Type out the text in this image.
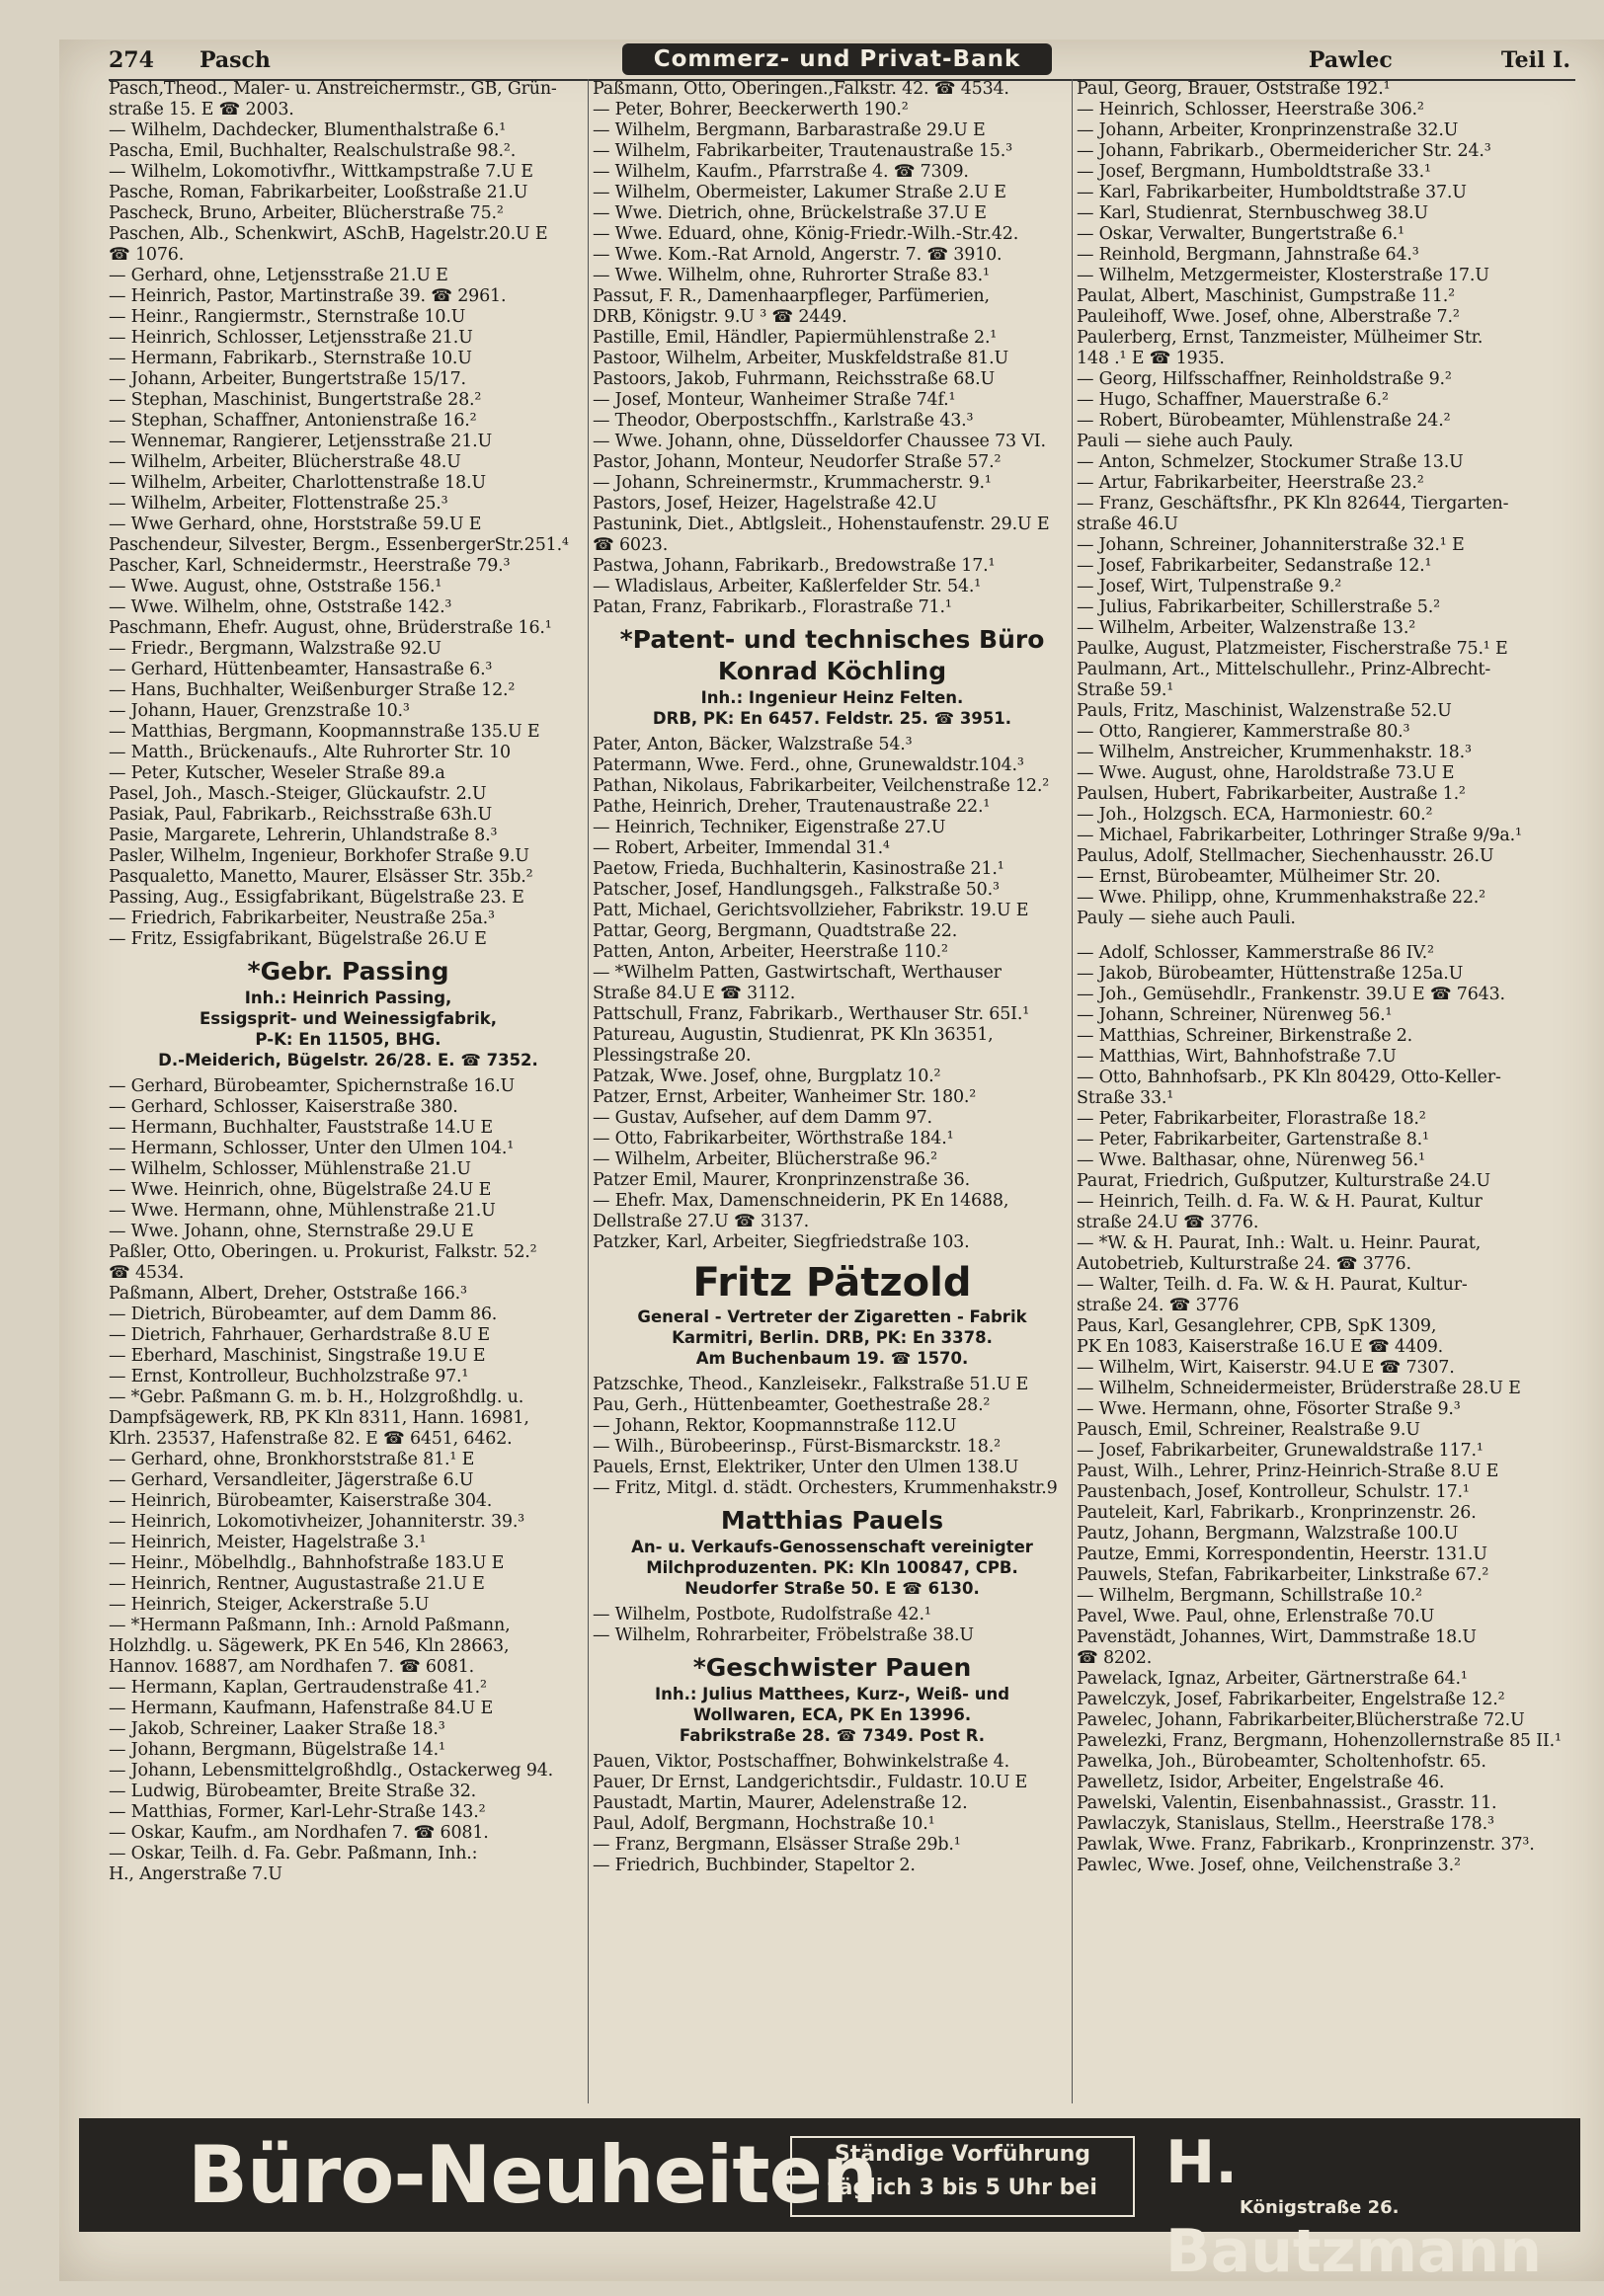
274 Pasch	Commerz- und Privat-Bank	Pawlec	Teil I.

Pasch,Theod., Maler- u. Anstreichermstr., GB, Grün-

straße 15. E ☎ 2003.

— Wilhelm, Dachdecker, Blumenthalstraße 6.¹

Pascha, Emil, Buchhalter, Realschulstraße 98.².

— Wilhelm, Lokomotivfhr., Wittkampstraße 7.U E

Pasche, Roman, Fabrikarbeiter, Looßstraße 21.U

Pascheck, Bruno, Arbeiter, Blücherstraße 75.²

Paschen, Alb., Schenkwirt, ASchB, Hagelstr.20.U E

☎ 1076.

— Gerhard, ohne, Letjensstraße 21.U E

— Heinrich, Pastor, Martinstraße 39. ☎ 2961.

— Heinr., Rangiermstr., Sternstraße 10.U

— Heinrich, Schlosser, Letjensstraße 21.U

— Hermann, Fabrikarb., Sternstraße 10.U

— Johann, Arbeiter, Bungertstraße 15/17.

— Stephan, Maschinist, Bungertstraße 28.²

— Stephan, Schaffner, Antonienstraße 16.²

— Wennemar, Rangierer, Letjensstraße 21.U

— Wilhelm, Arbeiter, Blücherstraße 48.U

— Wilhelm, Arbeiter, Charlottenstraße 18.U

— Wilhelm, Arbeiter, Flottenstraße 25.³

— Wwe Gerhard, ohne, Horststraße 59.U E

Paschendeur, Silvester, Bergm., EssenbergerStr.251.⁴

Pascher, Karl, Schneidermstr., Heerstraße 79.³

— Wwe. August, ohne, Oststraße 156.¹

— Wwe. Wilhelm, ohne, Oststraße 142.³

Paschmann, Ehefr. August, ohne, Brüderstraße 16.¹

— Friedr., Bergmann, Walzstraße 92.U

— Gerhard, Hüttenbeamter, Hansastraße 6.³

— Hans, Buchhalter, Weißenburger Straße 12.²

— Johann, Hauer, Grenzstraße 10.³

— Matthias, Bergmann, Koopmannstraße 135.U E

— Matth., Brückenaufs., Alte Ruhrorter Str. 10

— Peter, Kutscher, Weseler Straße 89.a

Pasel, Joh., Masch.-Steiger, Glückaufstr. 2.U

Pasiak, Paul, Fabrikarb., Reichsstraße 63h.U

Pasie, Margarete, Lehrerin, Uhlandstraße 8.³

Pasler, Wilhelm, Ingenieur, Borkhofer Straße 9.U

Pasqualetto, Manetto, Maurer, Elsässer Str. 35b.²

Passing, Aug., Essigfabrikant, Bügelstraße 23. E

— Friedrich, Fabrikarbeiter, Neustraße 25a.³

— Fritz, Essigfabrikant, Bügelstraße 26.U E

*Gebr. Passing
Inh.: Heinrich Passing,
Essigsprit- und Weinessigfabrik,
P-K: En 11505, BHG.
D.-Meiderich, Bügelstr. 26/28. E. ☎ 7352.

— Gerhard, Bürobeamter, Spichernstraße 16.U

— Gerhard, Schlosser, Kaiserstraße 380.

— Hermann, Buchhalter, Fauststraße 14.U E

— Hermann, Schlosser, Unter den Ulmen 104.¹

— Wilhelm, Schlosser, Mühlenstraße 21.U

— Wwe. Heinrich, ohne, Bügelstraße 24.U E

— Wwe. Hermann, ohne, Mühlenstraße 21.U

— Wwe. Johann, ohne, Sternstraße 29.U E

Paßler, Otto, Oberingen. u. Prokurist, Falkstr. 52.²

☎ 4534.

Paßmann, Albert, Dreher, Oststraße 166.³

— Dietrich, Bürobeamter, auf dem Damm 86.

— Dietrich, Fahrhauer, Gerhardstraße 8.U E

— Eberhard, Maschinist, Singstraße 19.U E

— Ernst, Kontrolleur, Buchholzstraße 97.¹

— *Gebr. Paßmann G. m. b. H., Holzgroßhdlg. u.

Dampfsägewerk, RB, PK Kln 8311, Hann. 16981,

Klrh. 23537, Hafenstraße 82. E ☎ 6451, 6462.

— Gerhard, ohne, Bronkhorststraße 81.¹ E

— Gerhard, Versandleiter, Jägerstraße 6.U

— Heinrich, Bürobeamter, Kaiserstraße 304.

— Heinrich, Lokomotivheizer, Johanniterstr. 39.³

— Heinrich, Meister, Hagelstraße 3.¹

— Heinr., Möbelhdlg., Bahnhofstraße 183.U E

— Heinrich, Rentner, Augustastraße 21.U E

— Heinrich, Steiger, Ackerstraße 5.U

— *Hermann Paßmann, Inh.: Arnold Paßmann,

Holzhdlg. u. Sägewerk, PK En 546, Kln 28663,

Hannov. 16887, am Nordhafen 7. ☎ 6081.

— Hermann, Kaplan, Gertraudenstraße 41.²

— Hermann, Kaufmann, Hafenstraße 84.U E

— Jakob, Schreiner, Laaker Straße 18.³

— Johann, Bergmann, Bügelstraße 14.¹

— Johann, Lebensmittelgroßhdlg., Ostackerweg 94.

— Ludwig, Bürobeamter, Breite Straße 32.

— Matthias, Former, Karl-Lehr-Straße 143.²

— Oskar, Kaufm., am Nordhafen 7. ☎ 6081.

— Oskar, Teilh. d. Fa. Gebr. Paßmann, Inh.:

H., Angerstraße 7.U

Paßmann, Otto, Oberingen.,Falkstr. 42. ☎ 4534.

— Peter, Bohrer, Beeckerwerth 190.²

— Wilhelm, Bergmann, Barbarastraße 29.U E

— Wilhelm, Fabrikarbeiter, Trautenaustraße 15.³

— Wilhelm, Kaufm., Pfarrstraße 4. ☎ 7309.

— Wilhelm, Obermeister, Lakumer Straße 2.U E

— Wwe. Dietrich, ohne, Brückelstraße 37.U E

— Wwe. Eduard, ohne, König-Friedr.-Wilh.-Str.42.

— Wwe. Kom.-Rat Arnold, Angerstr. 7. ☎ 3910.

— Wwe. Wilhelm, ohne, Ruhrorter Straße 83.¹

Passut, F. R., Damenhaarpfleger, Parfümerien,

DRB, Königstr. 9.U ³ ☎ 2449.

Pastille, Emil, Händler, Papiermühlenstraße 2.¹

Pastoor, Wilhelm, Arbeiter, Muskfeldstraße 81.U

Pastoors, Jakob, Fuhrmann, Reichsstraße 68.U

— Josef, Monteur, Wanheimer Straße 74f.¹

— Theodor, Oberpostschffn., Karlstraße 43.³

— Wwe. Johann, ohne, Düsseldorfer Chaussee 73 VI.

Pastor, Johann, Monteur, Neudorfer Straße 57.²

— Johann, Schreinermstr., Krummacherstr. 9.¹

Pastors, Josef, Heizer, Hagelstraße 42.U

Pastunink, Diet., Abtlgsleit., Hohenstaufenstr. 29.U E

☎ 6023.

Pastwa, Johann, Fabrikarb., Bredowstraße 17.¹

— Wladislaus, Arbeiter, Kaßlerfelder Str. 54.¹

Patan, Franz, Fabrikarb., Florastraße 71.¹

*Patent- und technisches Büro
Konrad Köchling
Inh.: Ingenieur Heinz Felten.
DRB, PK: En 6457. Feldstr. 25. ☎ 3951.

Pater, Anton, Bäcker, Walzstraße 54.³

Patermann, Wwe. Ferd., ohne, Grunewaldstr.104.³

Pathan, Nikolaus, Fabrikarbeiter, Veilchenstraße 12.²

Pathe, Heinrich, Dreher, Trautenaustraße 22.¹

— Heinrich, Techniker, Eigenstraße 27.U

— Robert, Arbeiter, Immendal 31.⁴

Paetow, Frieda, Buchhalterin, Kasinostraße 21.¹

Patscher, Josef, Handlungsgeh., Falkstraße 50.³

Patt, Michael, Gerichtsvollzieher, Fabrikstr. 19.U E

Pattar, Georg, Bergmann, Quadtstraße 22.

Patten, Anton, Arbeiter, Heerstraße 110.²

— *Wilhelm Patten, Gastwirtschaft, Werthauser

Straße 84.U E ☎ 3112.

Pattschull, Franz, Fabrikarb., Werthauser Str. 65I.¹

Patureau, Augustin, Studienrat, PK Kln 36351,

Plessingstraße 20.

Patzak, Wwe. Josef, ohne, Burgplatz 10.²

Patzer, Ernst, Arbeiter, Wanheimer Str. 180.²

— Gustav, Aufseher, auf dem Damm 97.

— Otto, Fabrikarbeiter, Wörthstraße 184.¹

— Wilhelm, Arbeiter, Blücherstraße 96.²

Patzer Emil, Maurer, Kronprinzenstraße 36.

— Ehefr. Max, Damenschneiderin, PK En 14688,

Dellstraße 27.U ☎ 3137.

Patzker, Karl, Arbeiter, Siegfriedstraße 103.

Fritz Pätzold
General - Vertreter der Zigaretten - Fabrik
Karmitri, Berlin. DRB, PK: En 3378.
Am Buchenbaum 19. ☎ 1570.

Patzschke, Theod., Kanzleisekr., Falkstraße 51.U E

Pau, Gerh., Hüttenbeamter, Goethestraße 28.²

— Johann, Rektor, Koopmannstraße 112.U

— Wilh., Bürobeerinsp., Fürst-Bismarckstr. 18.²

Pauels, Ernst, Elektriker, Unter den Ulmen 138.U

— Fritz, Mitgl. d. städt. Orchesters, Krummenhakstr.9

Matthias Pauels
An- u. Verkaufs-Genossenschaft vereinigter
Milchproduzenten. PK: Kln 100847, CPB.
Neudorfer Straße 50. E ☎ 6130.

— Wilhelm, Postbote, Rudolfstraße 42.¹

— Wilhelm, Rohrarbeiter, Fröbelstraße 38.U

*Geschwister Pauen
Inh.: Julius Matthees, Kurz-, Weiß- und
Wollwaren, ECA, PK En 13996.
Fabrikstraße 28. ☎ 7349. Post R.

Pauen, Viktor, Postschaffner, Bohwinkelstraße 4.

Pauer, Dr Ernst, Landgerichtsdir., Fuldastr. 10.U E

Paustadt, Martin, Maurer, Adelenstraße 12.

Paul, Adolf, Bergmann, Hochstraße 10.¹

— Franz, Bergmann, Elsässer Straße 29b.¹

— Friedrich, Buchbinder, Stapeltor 2.

Paul, Georg, Brauer, Oststraße 192.¹

— Heinrich, Schlosser, Heerstraße 306.²

— Johann, Arbeiter, Kronprinzenstraße 32.U

— Johann, Fabrikarb., Obermeidericher Str. 24.³

— Josef, Bergmann, Humboldtstraße 33.¹

— Karl, Fabrikarbeiter, Humboldtstraße 37.U

— Karl, Studienrat, Sternbuschweg 38.U

— Oskar, Verwalter, Bungertstraße 6.¹

— Reinhold, Bergmann, Jahnstraße 64.³

— Wilhelm, Metzgermeister, Klosterstraße 17.U

Paulat, Albert, Maschinist, Gumpstraße 11.²

Pauleihoff, Wwe. Josef, ohne, Alberstraße 7.²

Paulerberg, Ernst, Tanzmeister, Mülheimer Str.

148 .¹ E ☎ 1935.

— Georg, Hilfsschaffner, Reinholdstraße 9.²

— Hugo, Schaffner, Mauerstraße 6.²

— Robert, Bürobeamter, Mühlenstraße 24.²

Pauli — siehe auch Pauly.

— Anton, Schmelzer, Stockumer Straße 13.U

— Artur, Fabrikarbeiter, Heerstraße 23.²

— Franz, Geschäftsfhr., PK Kln 82644, Tiergarten-

straße 46.U

— Johann, Schreiner, Johanniterstraße 32.¹ E

— Josef, Fabrikarbeiter, Sedanstraße 12.¹

— Josef, Wirt, Tulpenstraße 9.²

— Julius, Fabrikarbeiter, Schillerstraße 5.²

— Wilhelm, Arbeiter, Walzenstraße 13.²

Paulke, August, Platzmeister, Fischerstraße 75.¹ E

Paulmann, Art., Mittelschullehr., Prinz-Albrecht-

Straße 59.¹

Pauls, Fritz, Maschinist, Walzenstraße 52.U

— Otto, Rangierer, Kammerstraße 80.³

— Wilhelm, Anstreicher, Krummenhakstr. 18.³

— Wwe. August, ohne, Haroldstraße 73.U E

Paulsen, Hubert, Fabrikarbeiter, Austraße 1.²

— Joh., Holzgsch. ECA, Harmoniestr. 60.²

— Michael, Fabrikarbeiter, Lothringer Straße 9/9a.¹

Paulus, Adolf, Stellmacher, Siechenhausstr. 26.U

— Ernst, Bürobeamter, Mülheimer Str. 20.

— Wwe. Philipp, ohne, Krummenhakstraße 22.²

Pauly — siehe auch Pauli.

— Adolf, Schlosser, Kammerstraße 86 IV.²

— Jakob, Bürobeamter, Hüttenstraße 125a.U

— Joh., Gemüsehdlr., Frankenstr. 39.U E ☎ 7643.

— Johann, Schreiner, Nürenweg 56.¹

— Matthias, Schreiner, Birkenstraße 2.

— Matthias, Wirt, Bahnhofstraße 7.U

— Otto, Bahnhofsarb., PK Kln 80429, Otto-Keller-

Straße 33.¹

— Peter, Fabrikarbeiter, Florastraße 18.²

— Peter, Fabrikarbeiter, Gartenstraße 8.¹

— Wwe. Balthasar, ohne, Nürenweg 56.¹

Paurat, Friedrich, Gußputzer, Kulturstraße 24.U

— Heinrich, Teilh. d. Fa. W. & H. Paurat, Kultur

straße 24.U ☎ 3776.

— *W. & H. Paurat, Inh.: Walt. u. Heinr. Paurat,

Autobetrieb, Kulturstraße 24. ☎ 3776.

— Walter, Teilh. d. Fa. W. & H. Paurat, Kultur-

straße 24. ☎ 3776

Paus, Karl, Gesanglehrer, CPB, SpK 1309,

PK En 1083, Kaiserstraße 16.U E ☎ 4409.

— Wilhelm, Wirt, Kaiserstr. 94.U E ☎ 7307.

— Wilhelm, Schneidermeister, Brüderstraße 28.U E

— Wwe. Hermann, ohne, Fösorter Straße 9.³

Pausch, Emil, Schreiner, Realstraße 9.U

— Josef, Fabrikarbeiter, Grunewaldstraße 117.¹

Paust, Wilh., Lehrer, Prinz-Heinrich-Straße 8.U E

Paustenbach, Josef, Kontrolleur, Schulstr. 17.¹

Pauteleit, Karl, Fabrikarb., Kronprinzenstr. 26.

Pautz, Johann, Bergmann, Walzstraße 100.U

Pautze, Emmi, Korrespondentin, Heerstr. 131.U

Pauwels, Stefan, Fabrikarbeiter, Linkstraße 67.²

— Wilhelm, Bergmann, Schillstraße 10.²

Pavel, Wwe. Paul, ohne, Erlenstraße 70.U

Pavenstädt, Johannes, Wirt, Dammstraße 18.U

☎ 8202.

Pawelack, Ignaz, Arbeiter, Gärtnerstraße 64.¹

Pawelczyk, Josef, Fabrikarbeiter, Engelstraße 12.²

Pawelec, Johann, Fabrikarbeiter,Blücherstraße 72.U

Pawelezki, Franz, Bergmann, Hohenzollernstraße 85 II.¹

Pawelka, Joh., Bürobeamter, Scholtenhofstr. 65.

Pawelletz, Isidor, Arbeiter, Engelstraße 46.

Pawelski, Valentin, Eisenbahnassist., Grasstr. 11.

Pawlaczyk, Stanislaus, Stellm., Heerstraße 178.³

Pawlak, Wwe. Franz, Fabrikarb., Kronprinzenstr. 37³.

Pawlec, Wwe. Josef, ohne, Veilchenstraße 3.²

Büro-Neuheiten
Ständige Vorführung
täglich 3 bis 5 Uhr bei	H. Bautzmann
Königstraße 26.
